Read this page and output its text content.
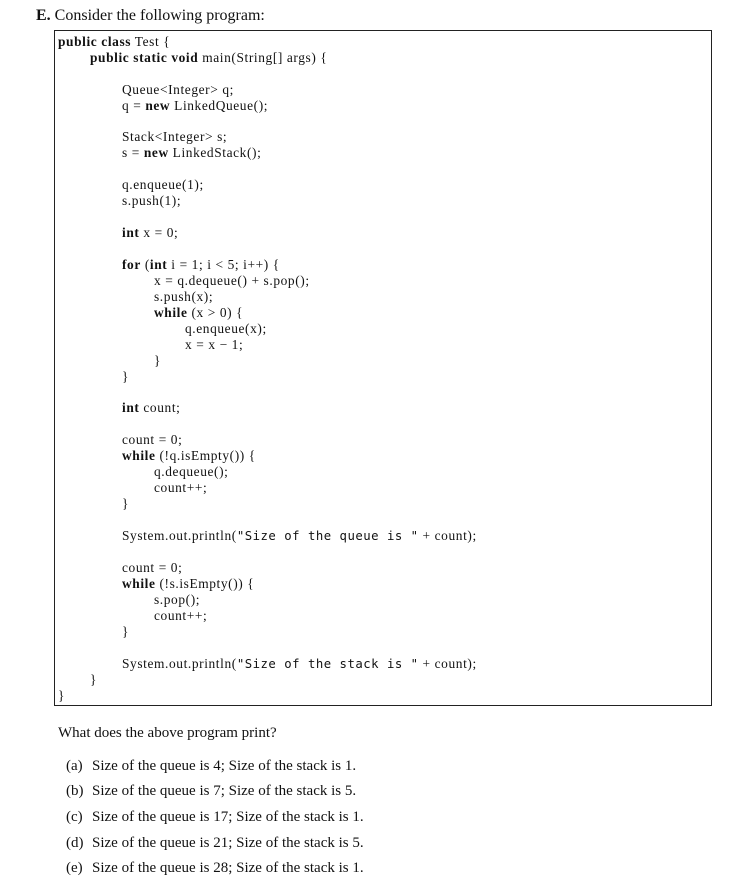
E. Consider the following program:
public class Test {
public static void main(String[] args) {
Queue<Integer> q;
q = new LinkedQueue();
Stack<Integer> s;
s = new LinkedStack();
q.enqueue(1);
s.push(1);
int x = 0;
for (int i = 1; i < 5; i++) {
x = q.dequeue() + s.pop();
s.push(x);
while (x > 0) {
q.enqueue(x);
x = x − 1;
}
}
int count;
count = 0;
while (!q.isEmpty()) {
q.dequeue();
count++;
}
System.out.println("Size of the queue is " + count);
count = 0;
while (!s.isEmpty()) {
s.pop();
count++;
}
System.out.println("Size of the stack is " + count);
}
}
What does the above program print?
(a) Size of the queue is 4; Size of the stack is 1.
(b) Size of the queue is 7; Size of the stack is 5.
(c) Size of the queue is 17; Size of the stack is 1.
(d) Size of the queue is 21; Size of the stack is 5.
(e) Size of the queue is 28; Size of the stack is 1.
